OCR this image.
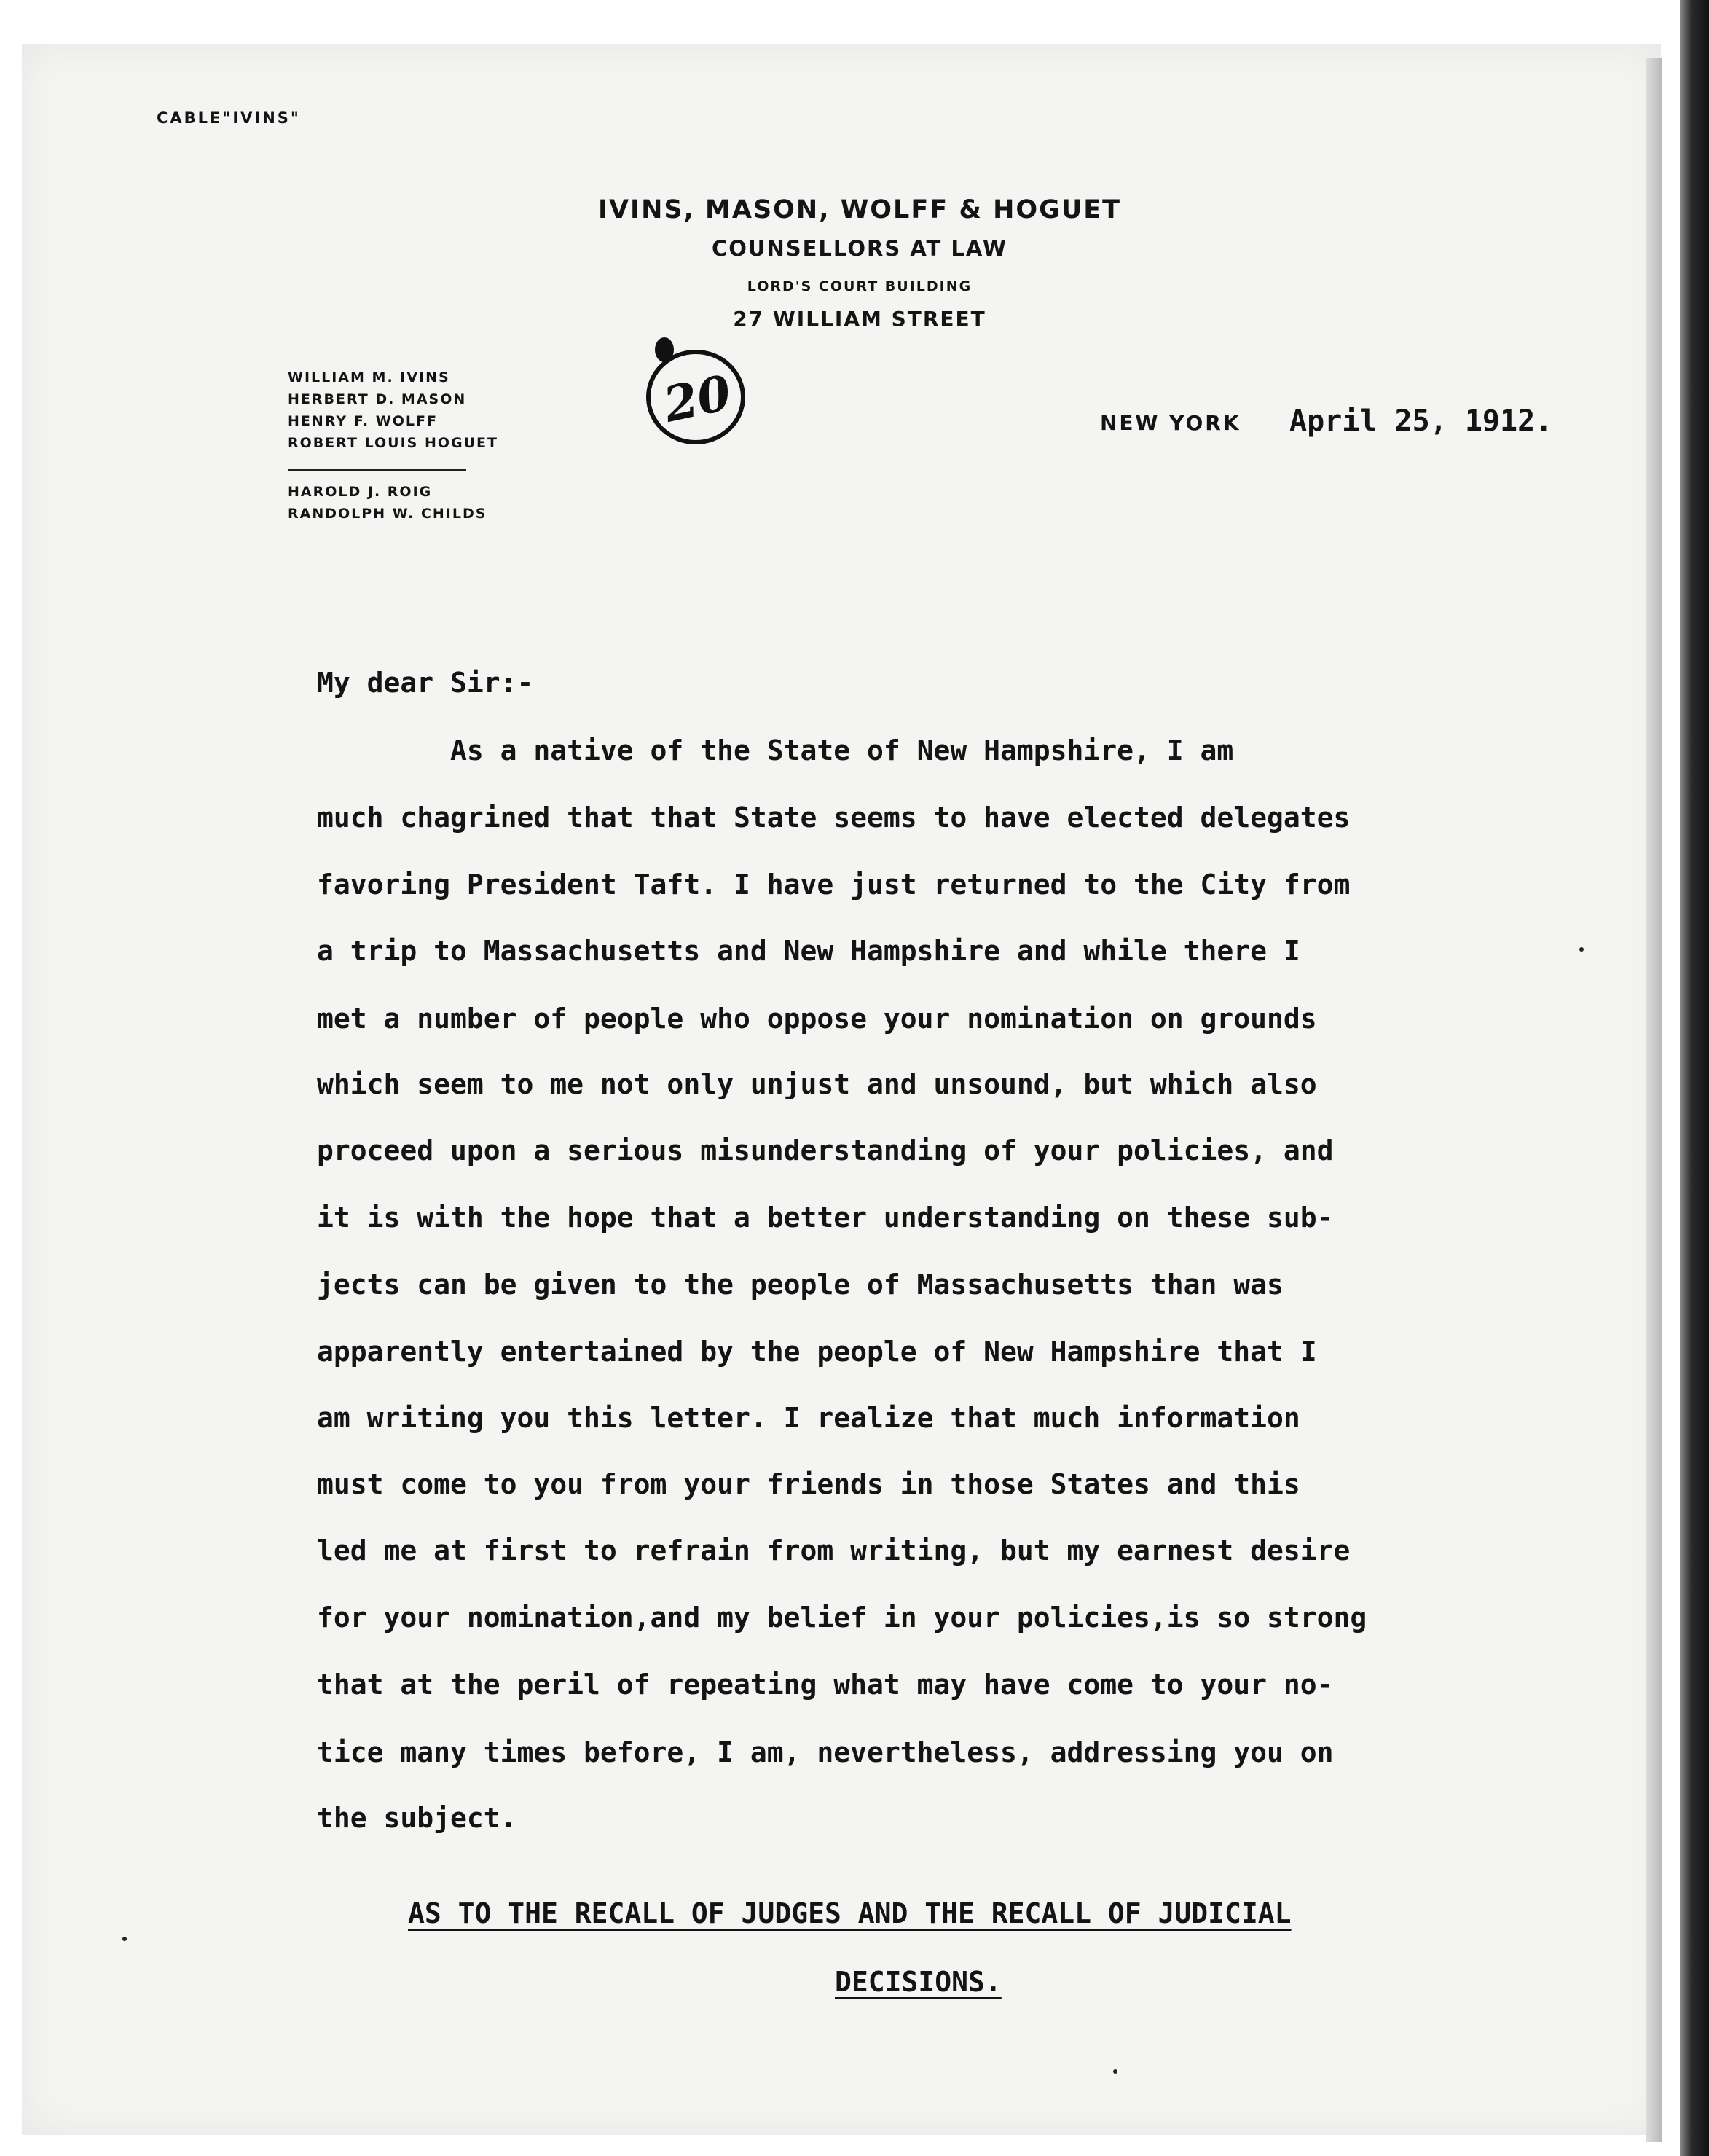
CABLE"IVINS"
IVINS, MASON, WOLFF & HOGUET
COUNSELLORS AT LAW
LORD'S COURT BUILDING
27 WILLIAM STREET
WILLIAM M. IVINS
HERBERT D. MASON
HENRY F. WOLFF
ROBERT LOUIS HOGUET
HAROLD J. ROIG
RANDOLPH W. CHILDS
20	NEW YORK April 25, 1912.
My dear Sir:-
As a native of the State of New Hampshire, I am
much chagrined that that State seems to have elected delegates
favoring President Taft. I have just returned to the City from
a trip to Massachusetts and New Hampshire and while there I
met a number of people who oppose your nomination on grounds
which seem to me not only unjust and unsound, but which also
proceed upon a serious misunderstanding of your policies, and
it is with the hope that a better understanding on these sub-
jects can be given to the people of Massachusetts than was
apparently entertained by the people of New Hampshire that I
am writing you this letter. I realize that much information
must come to you from your friends in those States and this
led me at first to refrain from writing, but my earnest desire
for your nomination,and my belief in your policies,is so strong
that at the peril of repeating what may have come to your no-
tice many times before, I am, nevertheless, addressing you on
the subject.
AS TO THE RECALL OF JUDGES AND THE RECALL OF JUDICIAL
DECISIONS.
